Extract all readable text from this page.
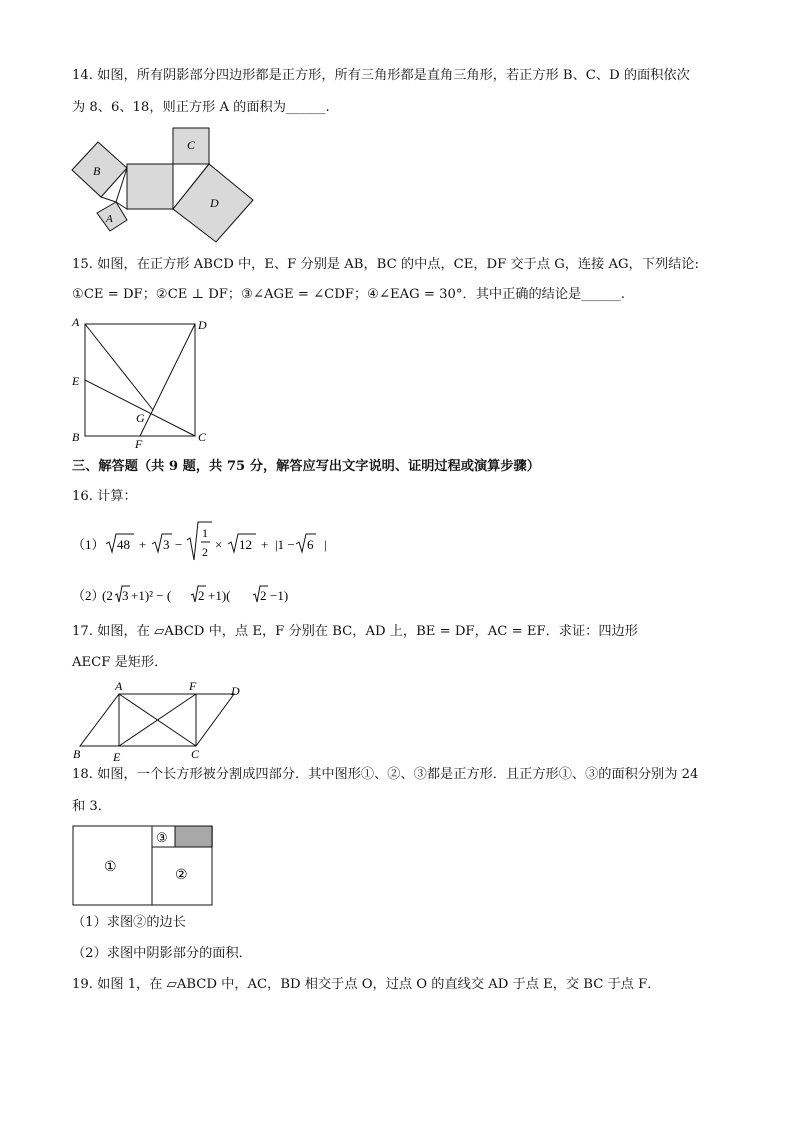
14. 如图，所有阴影部分四边形都是正方形，所有三角形都是直角三角形，若正方形 B、C、D 的面积依次
为 8、6、18，则正方形 A 的面积为______.
B
C
D
A
15. 如图，在正方形 ABCD 中，E、F 分别是 AB，BC 的中点，CE，DF 交于点 G，连接 AG，下列结论:
①CE = DF；②CE ⊥ DF；③∠AGE = ∠CDF；④∠EAG = 30°．其中正确的结论是______.
A	D
E
G
B	F	C
三、解答题（共 9 题，共 75 分，解答应写出文字说明、证明过程或演算步骤）
16. 计算：
（1） 48 + 3 −
1
2 × 12 + |1 − 6 |
（2）
(2 3 +1)² − ( 2 +1)( 2 −1)
17. 如图，在 ▱ABCD 中，点 E，F 分别在 BC，AD 上，BE = DF，AC = EF．求证：四边形
AECF 是矩形．
A	F	D
B	E	C
18. 如图，一个长方形被分割成四部分．其中图形①、②、③都是正方形．且正方形①、③的面积分别为 24
和 3．
①
②
③
（1）求图②的边长
（2）求图中阴影部分的面积．
19. 如图 1，在 ▱ABCD 中，AC，BD 相交于点 O，过点 O 的直线交 AD 于点 E，交 BC 于点 F．
